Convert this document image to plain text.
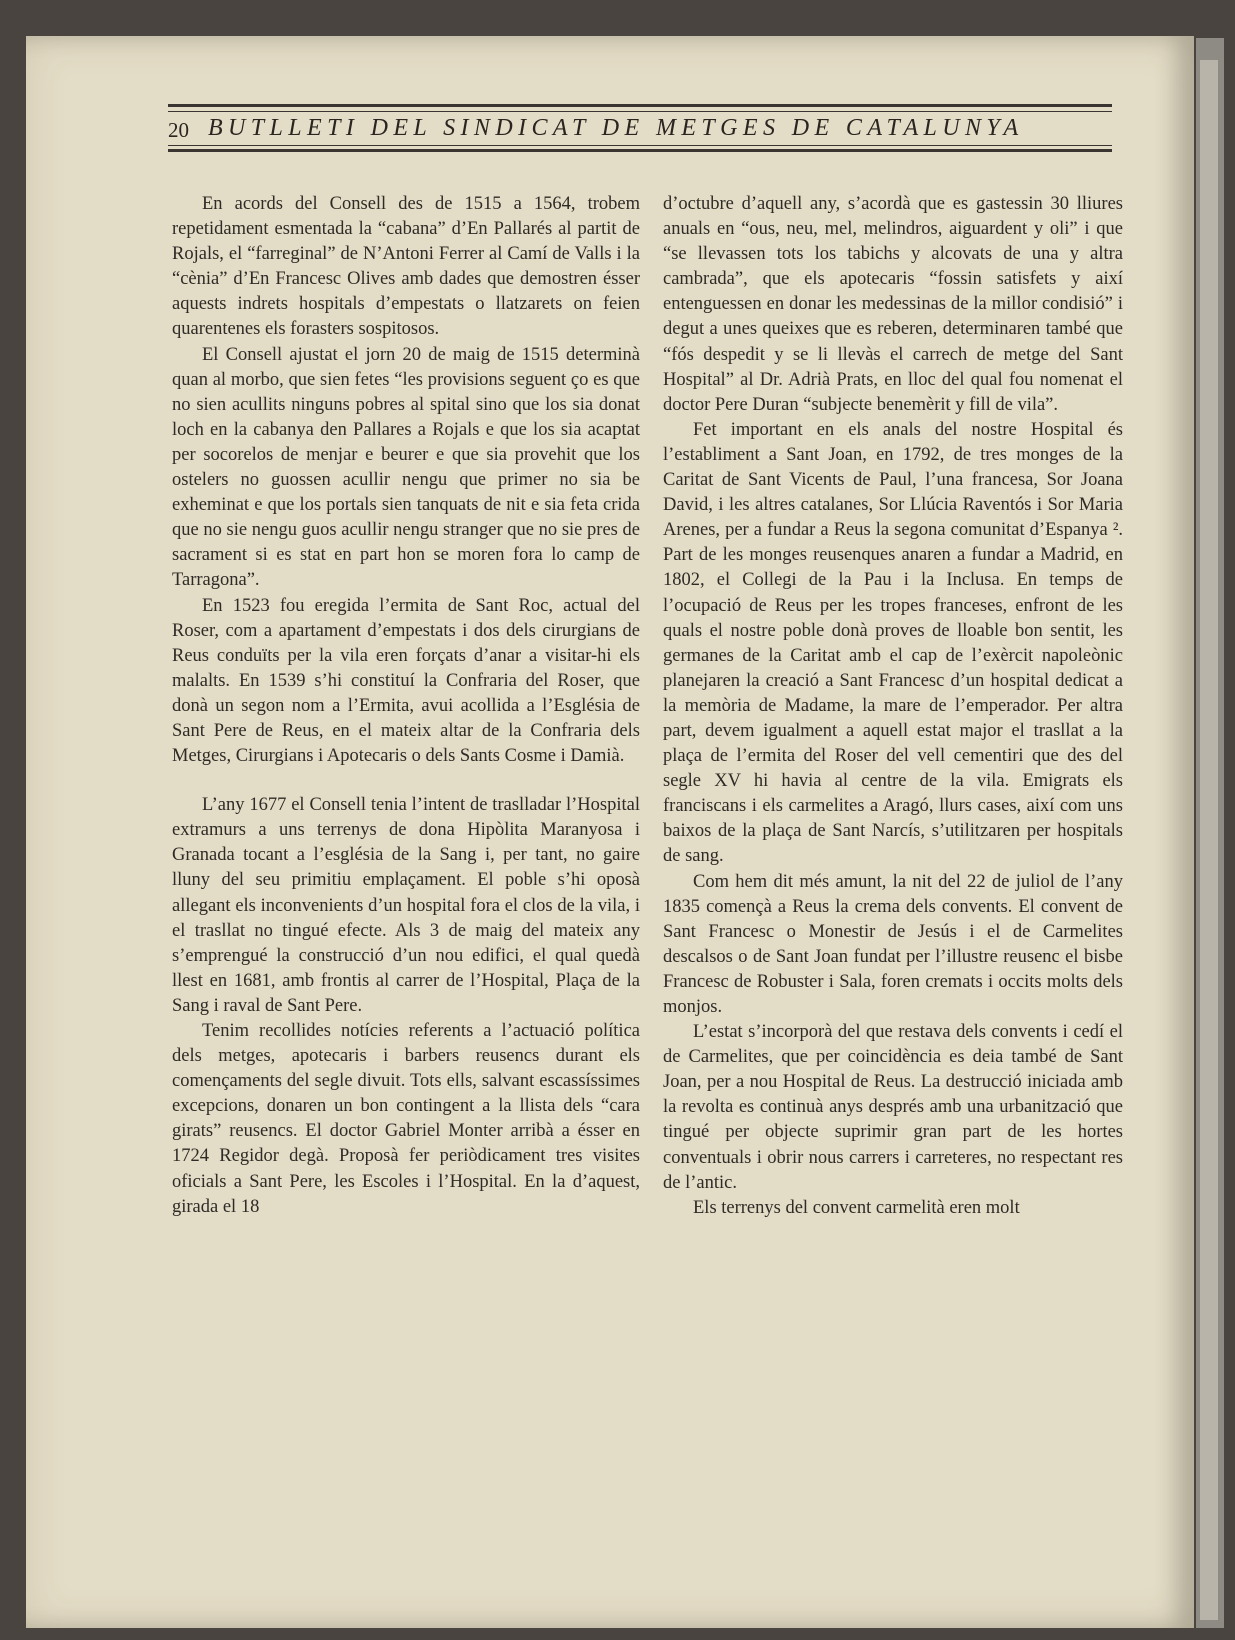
20 BUTLLETI DEL SINDICAT DE METGES DE CATALUNYA

En acords del Consell des de 1515 a 1564, trobem repetidament esmentada la “cabana” d’En Pallarés al partit de Rojals, el “farreginal” de N’Antoni Ferrer al Camí de Valls i la “cènia” d’En Francesc Olives amb dades que demostren ésser aquests indrets hospitals d’empestats o llatzarets on feien quarentenes els forasters sospitosos.

El Consell ajustat el jorn 20 de maig de 1515 determinà quan al morbo, que sien fetes “les provisions seguent ço es que no sien acullits ninguns pobres al spital sino que los sia donat loch en la cabanya den Pallares a Rojals e que los sia acaptat per socorelos de menjar e beurer e que sia provehit que los ostelers no guossen acullir nengu que primer no sia be exheminat e que los portals sien tanquats de nit e sia feta crida que no sie nengu guos acullir nengu stranger que no sie pres de sacrament si es stat en part hon se moren fora lo camp de Tarragona”.

En 1523 fou eregida l’ermita de Sant Roc, actual del Roser, com a apartament d’empestats i dos dels cirurgians de Reus conduïts per la vila eren forçats d’anar a visitar-hi els malalts. En 1539 s’hi constituí la Confraria del Roser, que donà un segon nom a l’Ermita, avui acollida a l’Església de Sant Pere de Reus, en el mateix altar de la Confraria dels Metges, Cirurgians i Apotecaris o dels Sants Cosme i Damià.

L’any 1677 el Consell tenia l’intent de traslladar l’Hospital extramurs a uns terrenys de dona Hipòlita Maranyosa i Granada tocant a l’església de la Sang i, per tant, no gaire lluny del seu primitiu emplaçament. El poble s’hi oposà allegant els inconvenients d’un hospital fora el clos de la vila, i el trasllat no tingué efecte. Als 3 de maig del mateix any s’emprengué la construcció d’un nou edifici, el qual quedà llest en 1681, amb frontis al carrer de l’Hospital, Plaça de la Sang i raval de Sant Pere.

Tenim recollides notícies referents a l’actuació política dels metges, apotecaris i barbers reusencs durant els començaments del segle divuit. Tots ells, salvant escassíssimes excepcions, donaren un bon contingent a la llista dels “cara girats” reusencs. El doctor Gabriel Monter arribà a ésser en 1724 Regidor degà. Proposà fer periòdicament tres visites oficials a Sant Pere, les Escoles i l’Hospital. En la d’aquest, girada el 18

d’octubre d’aquell any, s’acordà que es gastessin 30 lliures anuals en “ous, neu, mel, melindros, aiguardent y oli” i que “se llevassen tots los tabichs y alcovats de una y altra cambrada”, que els apotecaris “fossin satisfets y així entenguessen en donar les medessinas de la millor condisió” i degut a unes queixes que es reberen, determinaren també que “fós despedit y se li llevàs el carrech de metge del Sant Hospital” al Dr. Adrià Prats, en lloc del qual fou nomenat el doctor Pere Duran “subjecte benemèrit y fill de vila”.

Fet important en els anals del nostre Hospital és l’establiment a Sant Joan, en 1792, de tres monges de la Caritat de Sant Vicents de Paul, l’una francesa, Sor Joana David, i les altres catalanes, Sor Llúcia Raventós i Sor Maria Arenes, per a fundar a Reus la segona comunitat d’Espanya ². Part de les monges reusenques anaren a fundar a Madrid, en 1802, el Collegi de la Pau i la Inclusa. En temps de l’ocupació de Reus per les tropes franceses, enfront de les quals el nostre poble donà proves de lloable bon sentit, les germanes de la Caritat amb el cap de l’exèrcit napoleònic planejaren la creació a Sant Francesc d’un hospital dedicat a la memòria de Madame, la mare de l’emperador. Per altra part, devem igualment a aquell estat major el trasllat a la plaça de l’ermita del Roser del vell cementiri que des del segle XV hi havia al centre de la vila. Emigrats els franciscans i els carmelites a Aragó, llurs cases, així com uns baixos de la plaça de Sant Narcís, s’utilitzaren per hospitals de sang.

Com hem dit més amunt, la nit del 22 de juliol de l’any 1835 començà a Reus la crema dels convents. El convent de Sant Francesc o Monestir de Jesús i el de Carmelites descalsos o de Sant Joan fundat per l’illustre reusenc el bisbe Francesc de Robuster i Sala, foren cremats i occits molts dels monjos.

L’estat s’incorporà del que restava dels convents i cedí el de Carmelites, que per coincidència es deia també de Sant Joan, per a nou Hospital de Reus. La destrucció iniciada amb la revolta es continuà anys després amb una urbanització que tingué per objecte suprimir gran part de les hortes conventuals i obrir nous carrers i carreteres, no respectant res de l’antic.

Els terrenys del convent carmelità eren molt
